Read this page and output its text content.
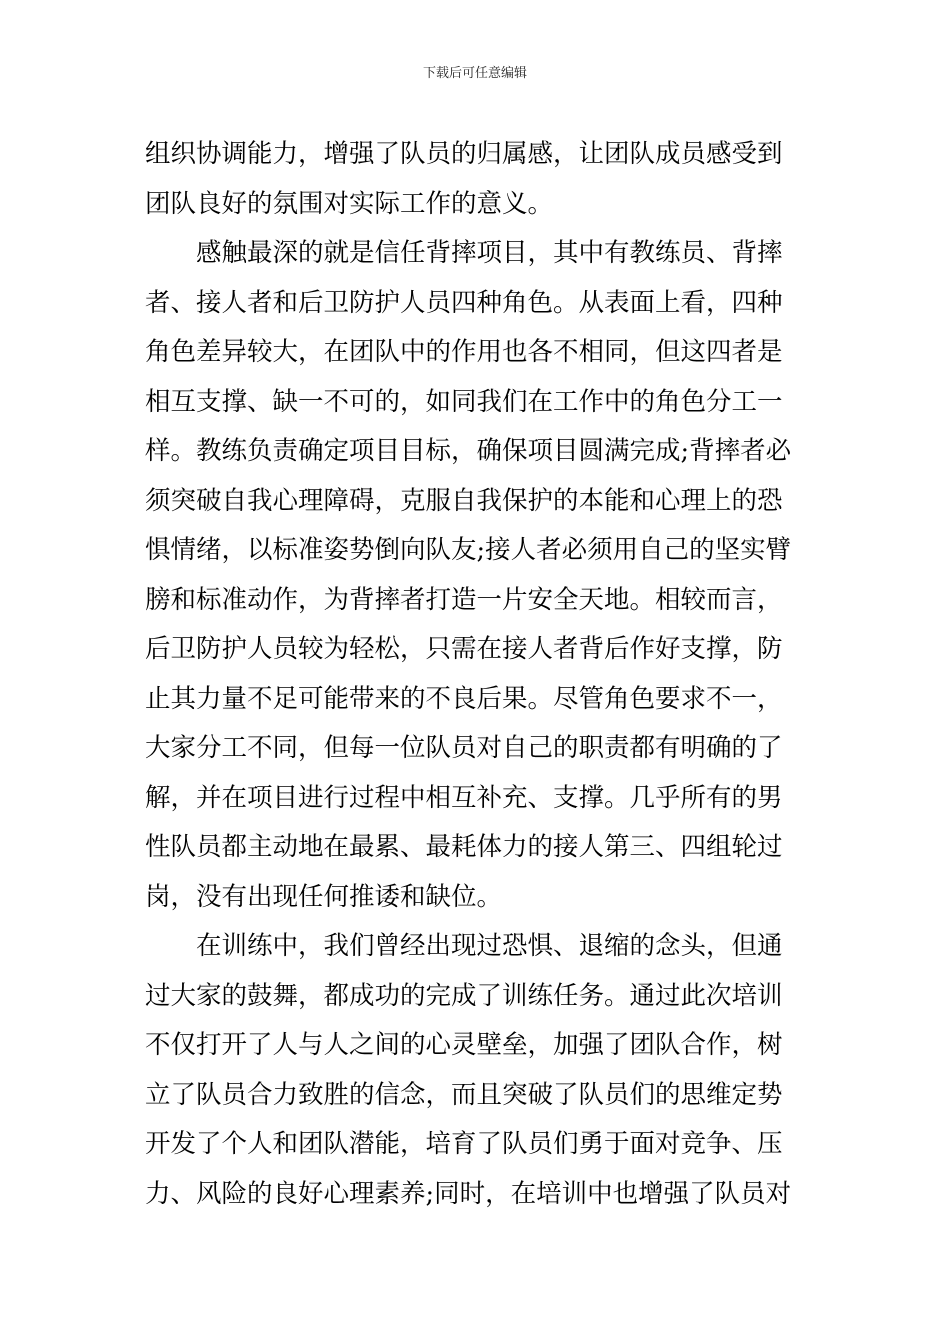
下载后可任意编辑
组织协调能力，增强了队员的归属感，让团队成员感受到
团队良好的氛围对实际工作的意义。
感触最深的就是信任背摔项目，其中有教练员、背摔
者、接人者和后卫防护人员四种角色。从表面上看，四种
角色差异较大，在团队中的作用也各不相同，但这四者是
相互支撑、缺一不可的，如同我们在工作中的角色分工一
样。教练负责确定项目目标，确保项目圆满完成;背摔者必
须突破自我心理障碍，克服自我保护的本能和心理上的恐
惧情绪，以标准姿势倒向队友;接人者必须用自己的坚实臂
膀和标准动作，为背摔者打造一片安全天地。相较而言，
后卫防护人员较为轻松，只需在接人者背后作好支撑，防
止其力量不足可能带来的不良后果。尽管角色要求不一，
大家分工不同，但每一位队员对自己的职责都有明确的了
解，并在项目进行过程中相互补充、支撑。几乎所有的男
性队员都主动地在最累、最耗体力的接人第三、四组轮过
岗，没有出现任何推诿和缺位。
在训练中，我们曾经出现过恐惧、退缩的念头，但通
过大家的鼓舞，都成功的完成了训练任务。通过此次培训
不仅打开了人与人之间的心灵壁垒，加强了团队合作，树
立了队员合力致胜的信念，而且突破了队员们的思维定势
开发了个人和团队潜能，培育了队员们勇于面对竞争、压
力、风险的良好心理素养;同时，在培训中也增强了队员对
